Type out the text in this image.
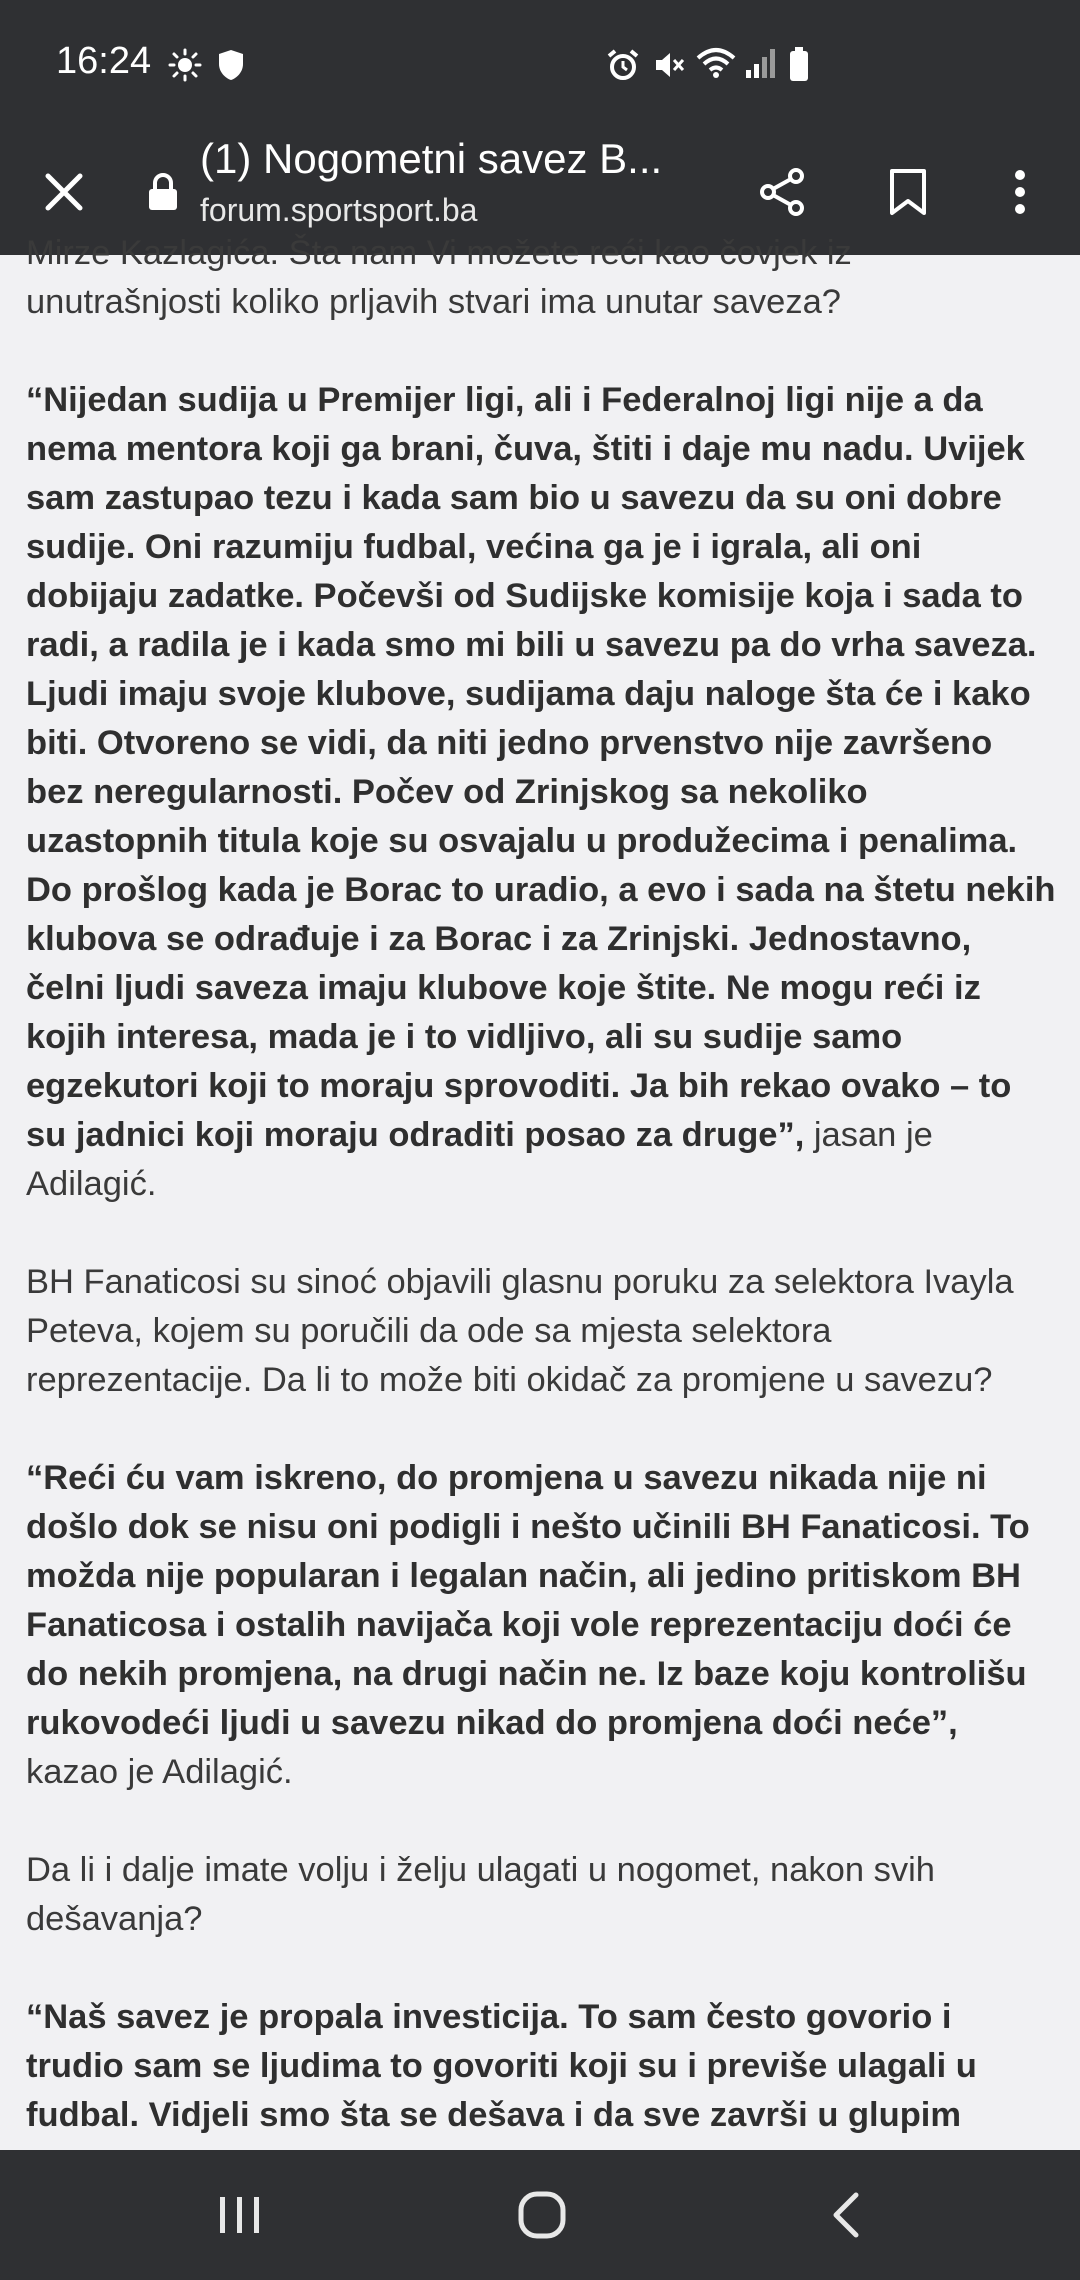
16:24
(1) Nogometni savez B...
forum.sportsport.ba

Mirze Kazlagića. Šta nam Vi možete reći kao čovjek iz unutrašnjosti koliko prljavih stvari ima unutar saveza?

“Nijedan sudija u Premijer ligi, ali i Federalnoj ligi nije a da nema mentora koji ga brani, čuva, štiti i daje mu nadu. Uvijek sam zastupao tezu i kada sam bio u savezu da su oni dobre sudije. Oni razumiju fudbal, većina ga je i igrala, ali oni dobijaju zadatke. Počevši od Sudijske komisije koja i sada to radi, a radila je i kada smo mi bili u savezu pa do vrha saveza. Ljudi imaju svoje klubove, sudijama daju naloge šta će i kako biti. Otvoreno se vidi, da niti jedno prvenstvo nije završeno bez neregularnosti. Počev od Zrinjskog sa nekoliko uzastopnih titula koje su osvajalu u produžecima i penalima. Do prošlog kada je Borac to uradio, a evo i sada na štetu nekih klubova se odrađuje i za Borac i za Zrinjski. Jednostavno, čelni ljudi saveza imaju klubove koje štite. Ne mogu reći iz kojih interesa, mada je i to vidljivo, ali su sudije samo egzekutori koji to moraju sprovoditi. Ja bih rekao ovako – to su jadnici koji moraju odraditi posao za druge”, jasan je Adilagić.

BH Fanaticosi su sinoć objavili glasnu poruku za selektora Ivayla Peteva, kojem su poručili da ode sa mjesta selektora reprezentacije. Da li to može biti okidač za promjene u savezu?

“Reći ću vam iskreno, do promjena u savezu nikada nije ni došlo dok se nisu oni podigli i nešto učinili BH Fanaticosi. To možda nije popularan i legalan način, ali jedino pritiskom BH Fanaticosa i ostalih navijača koji vole reprezentaciju doći će do nekih promjena, na drugi način ne. Iz baze koju kontrolišu rukovodeći ljudi u savezu nikad do promjena doći neće”, kazao je Adilagić.

Da li i dalje imate volju i želju ulagati u nogomet, nakon svih dešavanja?

“Naš savez je propala investicija. To sam često govorio i trudio sam se ljudima to govoriti koji su i previše ulagali u fudbal. Vidjeli smo šta se dešava i da sve završi u glupim
